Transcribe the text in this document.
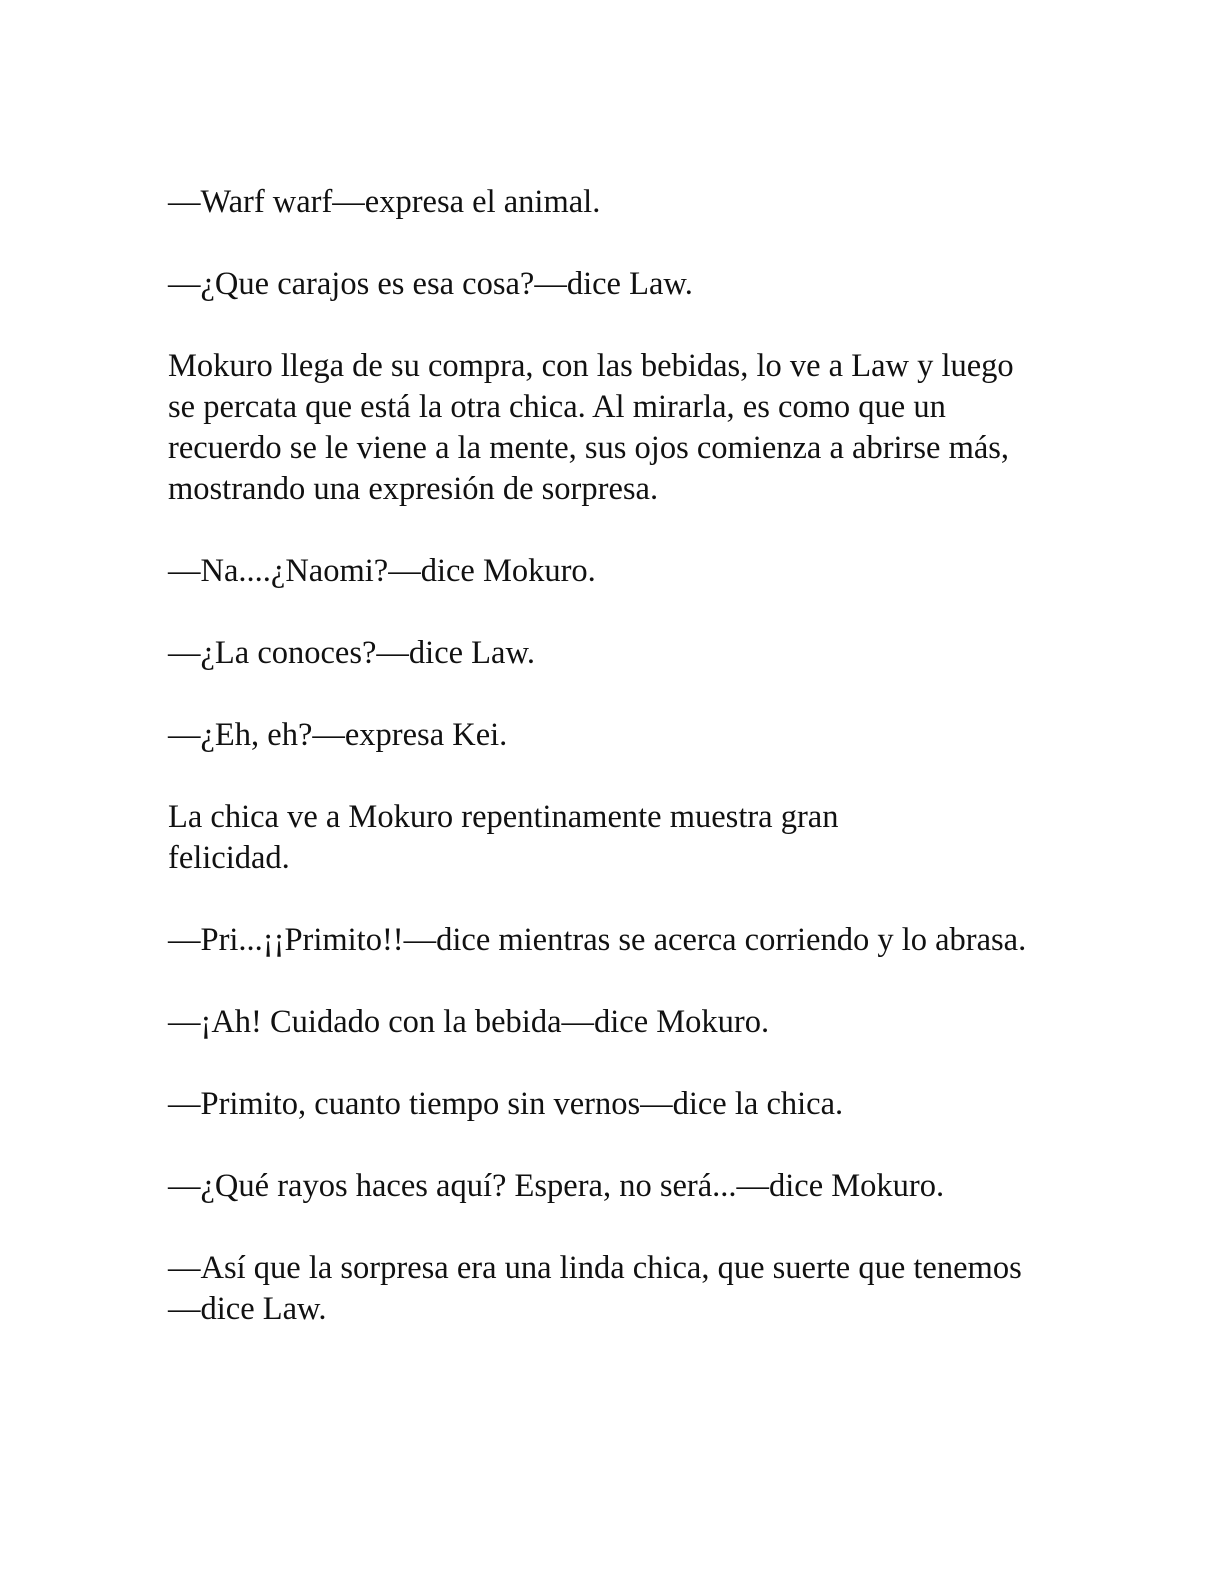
—Warf warf—expresa el animal.

—¿Que carajos es esa cosa?—dice Law.

Mokuro llega de su compra, con las bebidas, lo ve a Law y luego se percata que está la otra chica. Al mirarla, es como que un recuerdo se le viene a la mente, sus ojos comienza a abrirse más, mostrando una expresión de sorpresa.

—Na....¿Naomi?—dice Mokuro.

—¿La conoces?—dice Law.

—¿Eh, eh?—expresa Kei.

La chica ve a Mokuro repentinamente muestra gran felicidad.

—Pri...¡¡Primito!!—dice mientras se acerca corriendo y lo abrasa.

—¡Ah! Cuidado con la bebida—dice Mokuro.

—Primito, cuanto tiempo sin vernos—dice la chica.

—¿Qué rayos haces aquí? Espera, no será...—dice Mokuro.

—Así que la sorpresa era una linda chica, que suerte que tenemos

—dice Law.
